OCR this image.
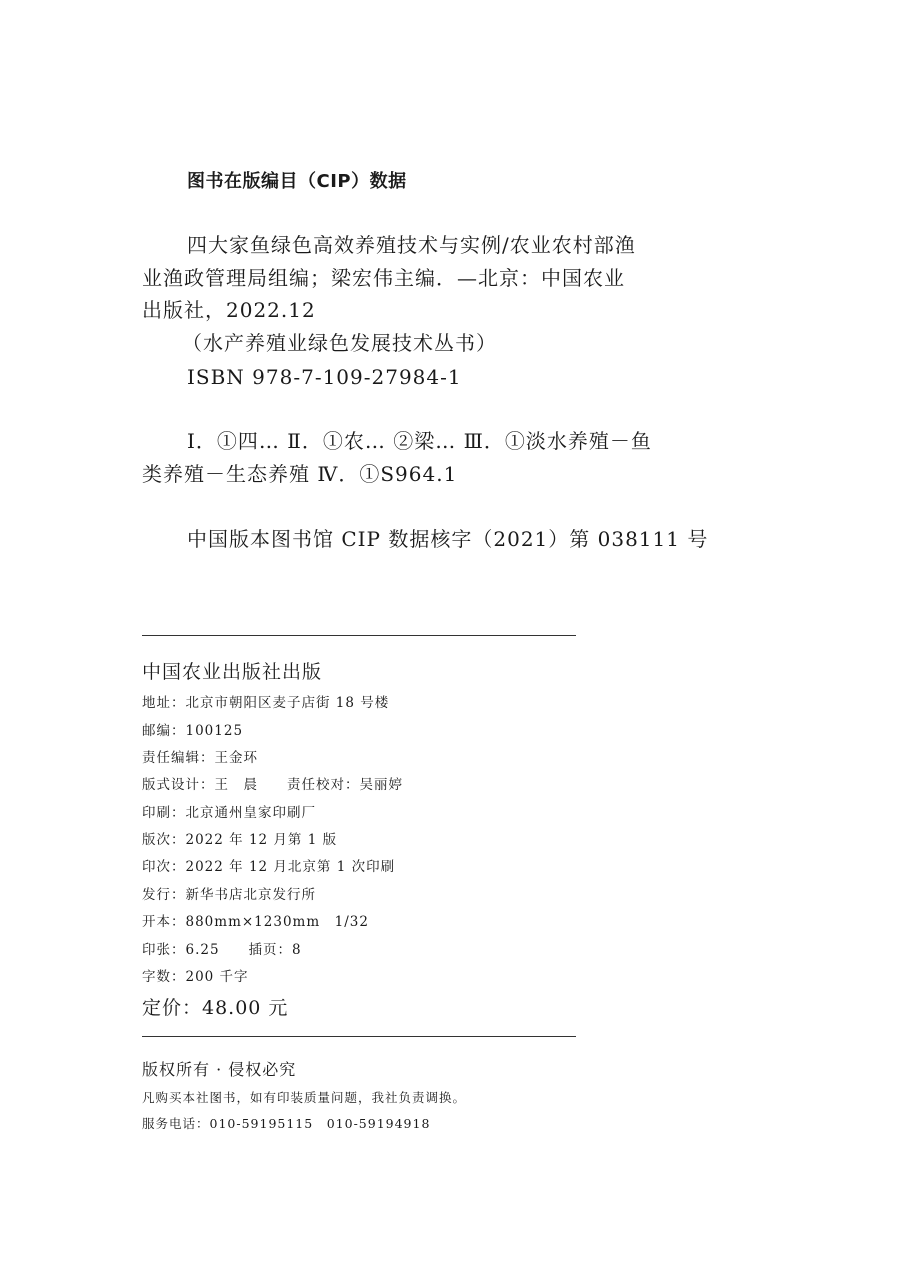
图书在版编目（CIP）数据
四大家鱼绿色高效养殖技术与实例/农业农村部渔
业渔政管理局组编；梁宏伟主编．—北京：中国农业
出版社，2022.12
（水产养殖业绿色发展技术丛书）
ISBN 978-7-109-27984-1
Ⅰ．①四… Ⅱ．①农… ②梁… Ⅲ．①淡水养殖－鱼
类养殖－生态养殖 Ⅳ．①S964.1
中国版本图书馆 CIP 数据核字（2021）第 038111 号
中国农业出版社出版
地址：北京市朝阳区麦子店街 18 号楼
邮编：100125
责任编辑：王金环
版式设计：王　晨　　责任校对：吴丽婷
印刷：北京通州皇家印刷厂
版次：2022 年 12 月第 1 版
印次：2022 年 12 月北京第 1 次印刷
发行：新华书店北京发行所
开本：880mm×1230mm　1/32
印张：6.25　　插页：8
字数：200 千字
定价：48.00 元
版权所有 · 侵权必究
凡购买本社图书，如有印装质量问题，我社负责调换。
服务电话：010-59195115　010-59194918
